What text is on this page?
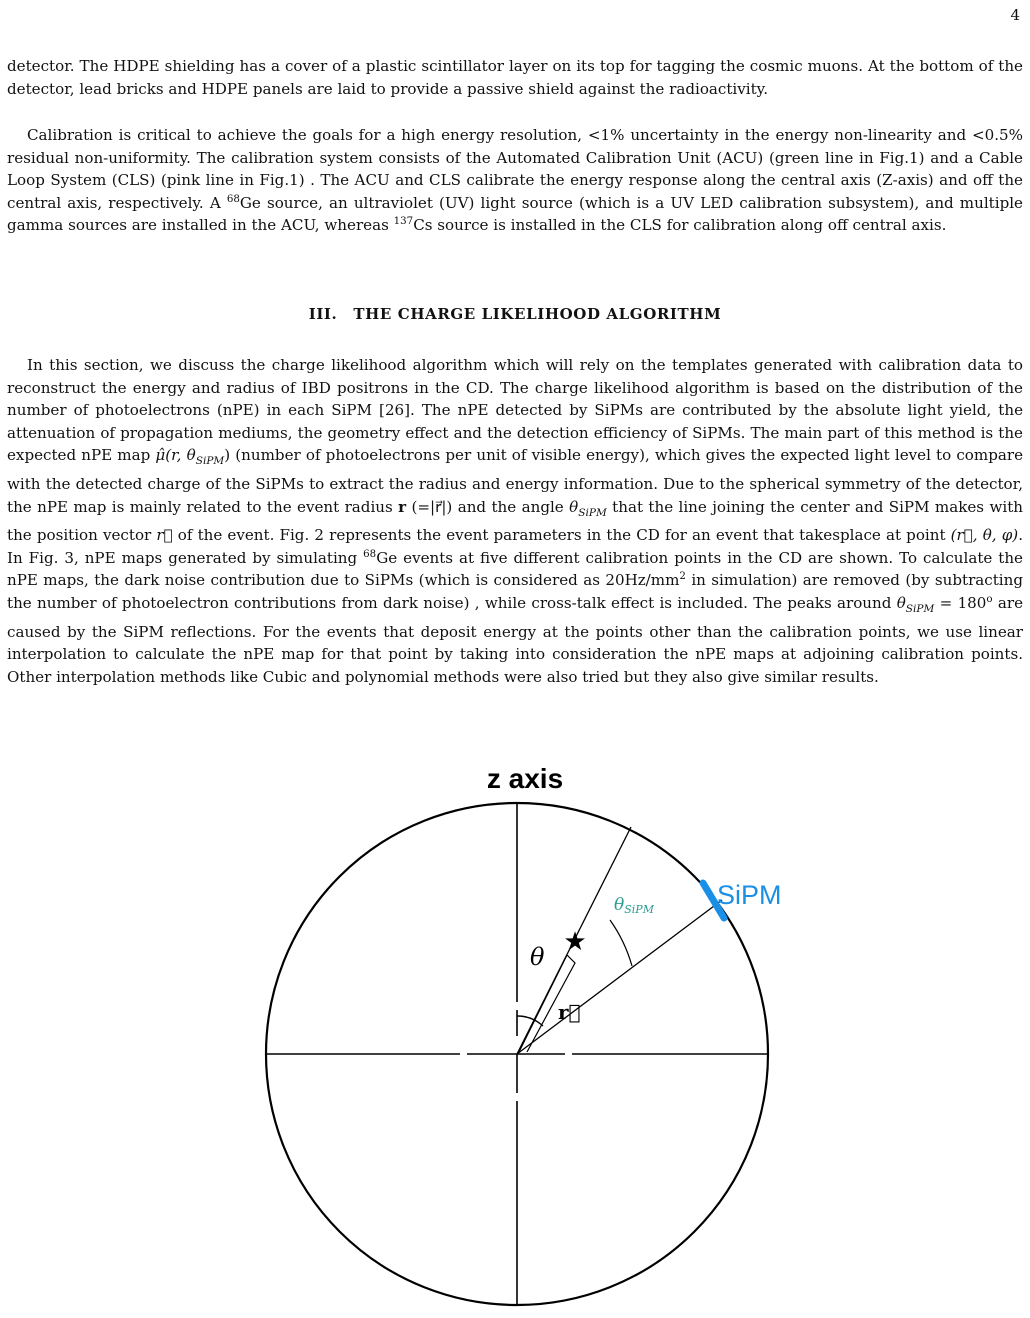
4

detector. The HDPE shielding has a cover of a plastic scintillator layer on its top for tagging the cosmic muons. At the bottom of the detector, lead bricks and HDPE panels are laid to provide a passive shield against the radioactivity.

Calibration is critical to achieve the goals for a high energy resolution, <1% uncertainty in the energy non-linearity and <0.5% residual non-uniformity. The calibration system consists of the Automated Calibration Unit (ACU) (green line in Fig.1) and a Cable Loop System (CLS) (pink line in Fig.1) . The ACU and CLS calibrate the energy response along the central axis (Z-axis) and off the central axis, respectively. A $^{68}$Ge source, an ultraviolet (UV) light source (which is a UV LED calibration subsystem), and multiple gamma sources are installed in the ACU, whereas $^{137}$Cs source is installed in the CLS for calibration along off central axis.

III. THE CHARGE LIKELIHOOD ALGORITHM

In this section, we discuss the charge likelihood algorithm which will rely on the templates generated with calibration data to reconstruct the energy and radius of IBD positrons in the CD. The charge likelihood algorithm is based on the distribution of the number of photoelectrons (nPE) in each SiPM [26]. The nPE detected by SiPMs are contributed by the absolute light yield, the attenuation of propagation mediums, the geometry effect and the detection efficiency of SiPMs. The main part of this method is the expected nPE map μ̂(r, $\theta_{SiPM}$) (number of photoelectrons per unit of visible energy), which gives the expected light level to compare with the detected charge of the SiPMs to extract the radius and energy information. Due to the spherical symmetry of the detector, the nPE map is mainly related to the event radius r (=|r⃗|) and the angle $\theta_{SiPM}$ that the line joining the center and SiPM makes with the position vector r⃗ of the event. Fig. 2 represents the event parameters in the CD for an event that takesplace at point (r⃗, θ, φ). In Fig. 3, nPE maps generated by simulating $^{68}$Ge events at five different calibration points in the CD are shown. To calculate the nPE maps, the dark noise contribution due to SiPMs (which is considered as $20Hz/mm^2$ in simulation) are removed (by subtracting the number of photoelectron contributions from dark noise) , while cross-talk effect is included. The peaks around $\theta_{SiPM} = 180^o$ are caused by the SiPM reflections. For the events that deposit energy at the points other than the calibration points, we use linear interpolation to calculate the nPE map for that point by taking into consideration the nPE maps at adjoining calibration points. Other interpolation methods like Cubic and polynomial methods were also tried but they also give similar results.

★
z axis
SiPM
θ
θSiPM
r⃗
